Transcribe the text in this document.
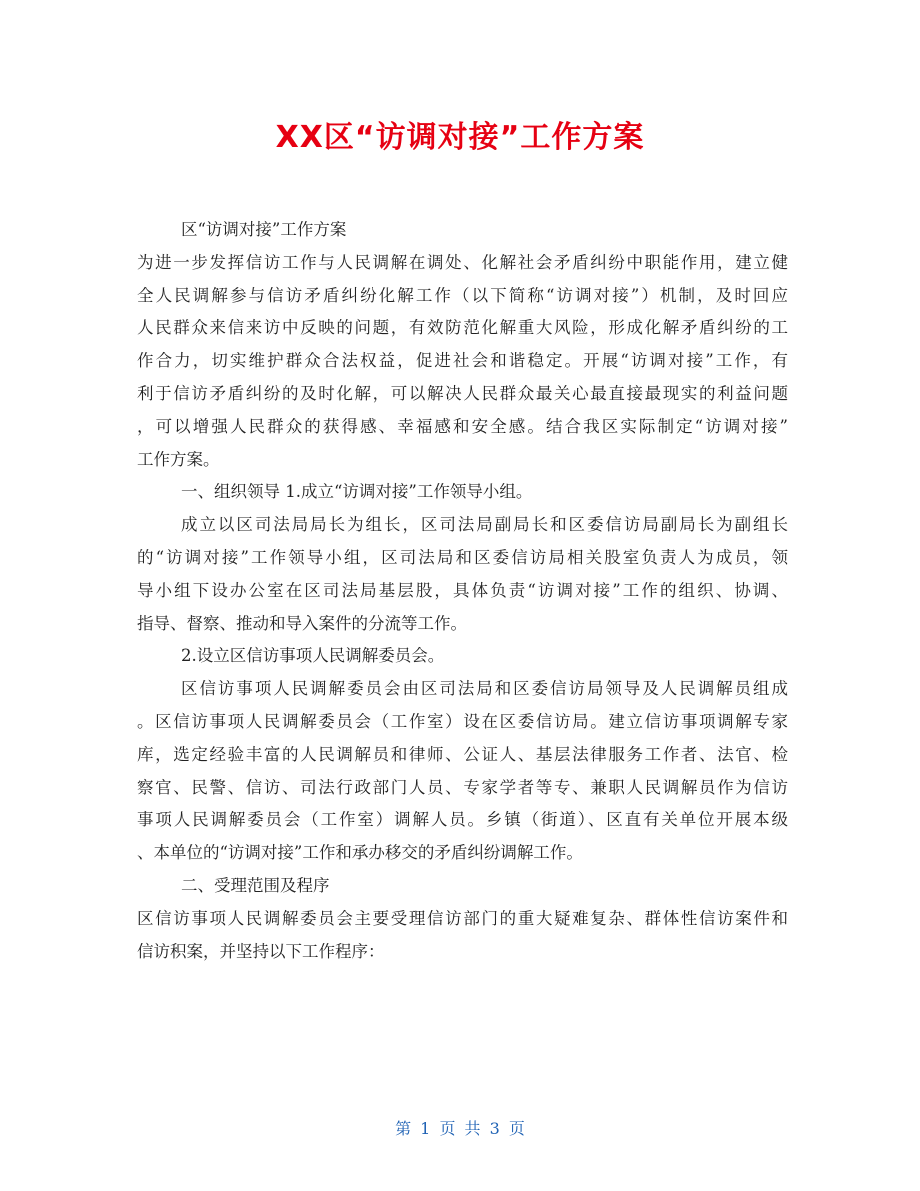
XX区“访调对接”工作方案
区“访调对接”工作方案
为进一步发挥信访工作与人民调解在调处、化解社会矛盾纠纷中职能作用，建立健
全人民调解参与信访矛盾纠纷化解工作（以下简称“访调对接”）机制，及时回应
人民群众来信来访中反映的问题，有效防范化解重大风险，形成化解矛盾纠纷的工
作合力，切实维护群众合法权益，促进社会和谐稳定。开展“访调对接”工作，有
利于信访矛盾纠纷的及时化解，可以解决人民群众最关心最直接最现实的利益问题
，可以增强人民群众的获得感、幸福感和安全感。结合我区实际制定“访调对接”
工作方案。
一、组织领导 1.成立“访调对接”工作领导小组。
成立以区司法局局长为组长，区司法局副局长和区委信访局副局长为副组长
的“访调对接”工作领导小组，区司法局和区委信访局相关股室负责人为成员，领
导小组下设办公室在区司法局基层股，具体负责“访调对接”工作的组织、协调、
指导、督察、推动和导入案件的分流等工作。
2.设立区信访事项人民调解委员会。
区信访事项人民调解委员会由区司法局和区委信访局领导及人民调解员组成
。区信访事项人民调解委员会（工作室）设在区委信访局。建立信访事项调解专家
库，选定经验丰富的人民调解员和律师、公证人、基层法律服务工作者、法官、检
察官、民警、信访、司法行政部门人员、专家学者等专、兼职人民调解员作为信访
事项人民调解委员会（工作室）调解人员。乡镇（街道）、区直有关单位开展本级
、本单位的“访调对接”工作和承办移交的矛盾纠纷调解工作。
二、受理范围及程序
区信访事项人民调解委员会主要受理信访部门的重大疑难复杂、群体性信访案件和
信访积案，并坚持以下工作程序：
第 1 页 共 3 页
